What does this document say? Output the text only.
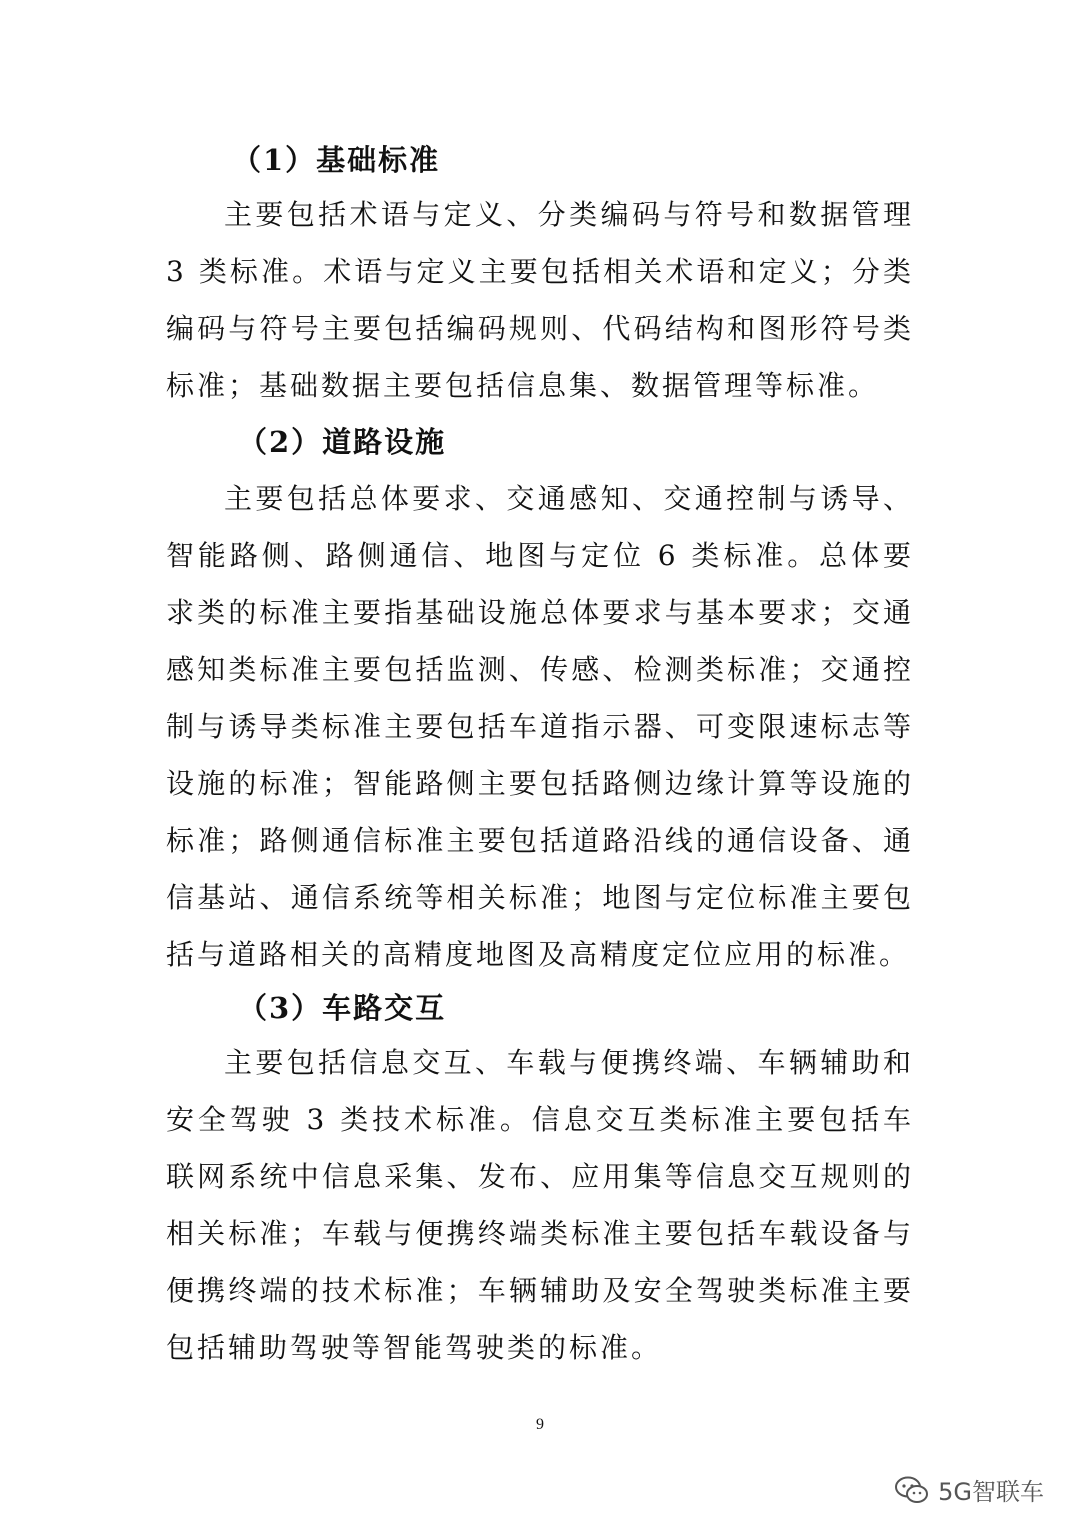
（1）基础标准

主要包括术语与定义、分类编码与符号和数据管理 3 类标准。术语与定义主要包括相关术语和定义；分类编码与符号主要包括编码规则、代码结构和图形符号类标准；基础数据主要包括信息集、数据管理等标准。

（2）道路设施

主要包括总体要求、交通感知、交通控制与诱导、智能路侧、路侧通信、地图与定位 6 类标准。总体要求类的标准主要指基础设施总体要求与基本要求；交通感知类标准主要包括监测、传感、检测类标准；交通控制与诱导类标准主要包括车道指示器、可变限速标志等设施的标准；智能路侧主要包括路侧边缘计算等设施的标准；路侧通信标准主要包括道路沿线的通信设备、通信基站、通信系统等相关标准；地图与定位标准主要包括与道路相关的高精度地图及高精度定位应用的标准。

（3）车路交互

主要包括信息交互、车载与便携终端、车辆辅助和安全驾驶 3 类技术标准。信息交互类标准主要包括车联网系统中信息采集、发布、应用集等信息交互规则的相关标准；车载与便携终端类标准主要包括车载设备与便携终端的技术标准；车辆辅助及安全驾驶类标准主要包括辅助驾驶等智能驾驶类的标准。

9
5G智联车
